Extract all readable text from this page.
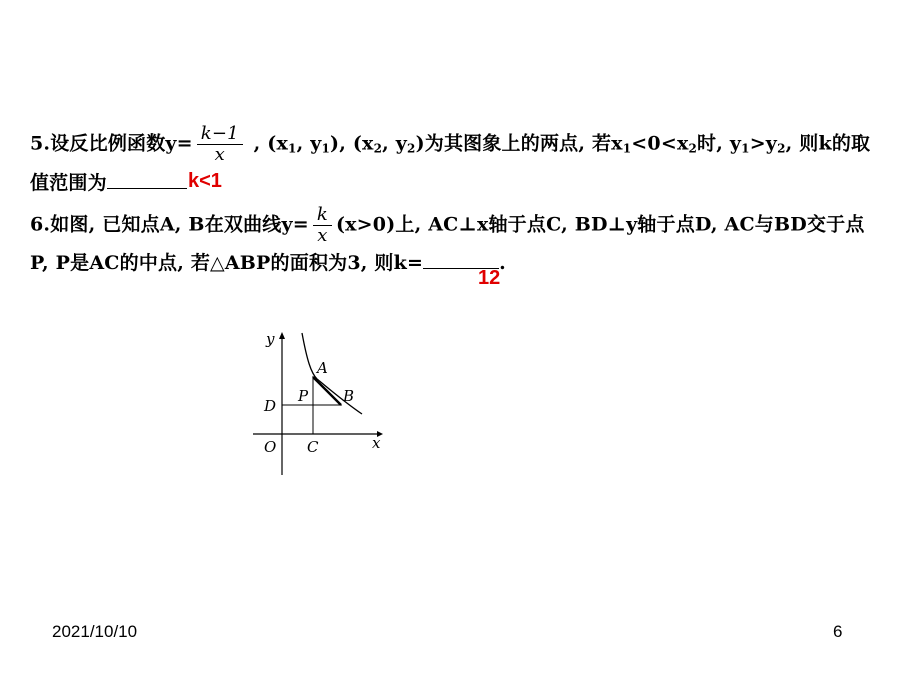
5.设反比例函数$y= \frac{k-1}{x}$ , ($x_1$, $y_1$), ($x_2$, $y_2$)为其图象上的两点, 若$x_1<0<x_2$时, $y_1>y_2$, 则k的取
值范围为	k<1
6.如图, 已知点A, B在双曲线$y= \frac{k}{x} (x>0)$上, AC⊥x轴于点C, BD⊥y轴于点D, AC与BD交于点
P, P是AC的中点, 若△ABP的面积为3, 则k=	.
12
y
x
O
A
B
P
C
D
2021/10/10	6
